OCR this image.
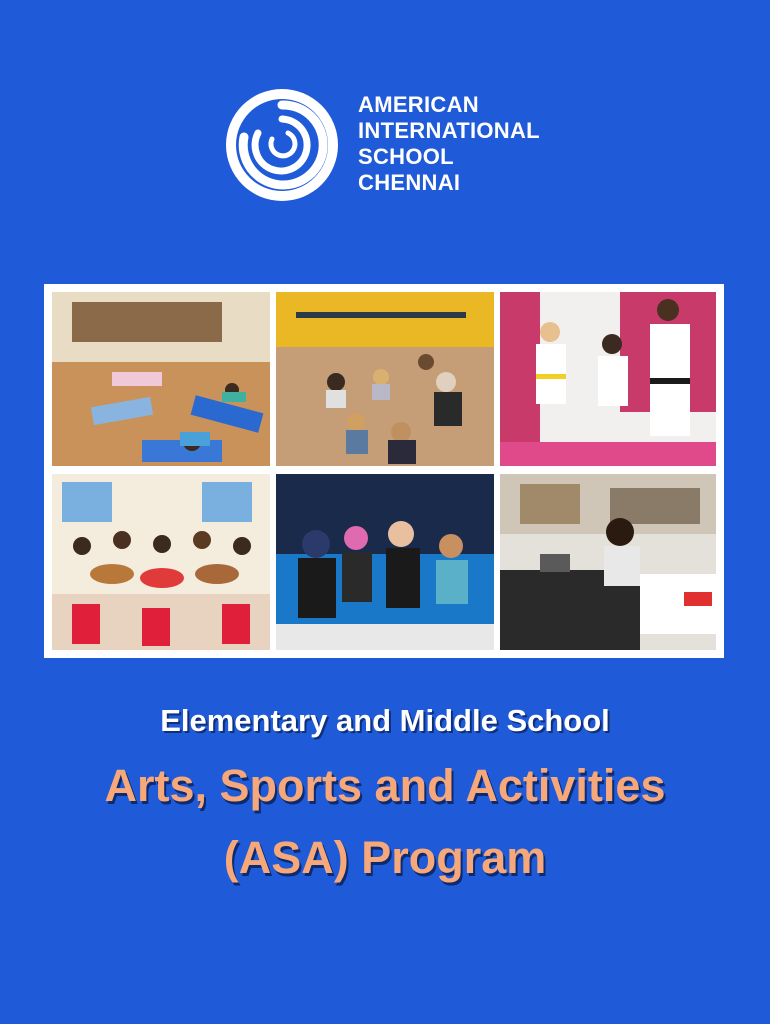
AMERICAN
INTERNATIONAL
SCHOOL
CHENNAI
Elementary and Middle School
Arts, Sports and Activities
(ASA) Program
